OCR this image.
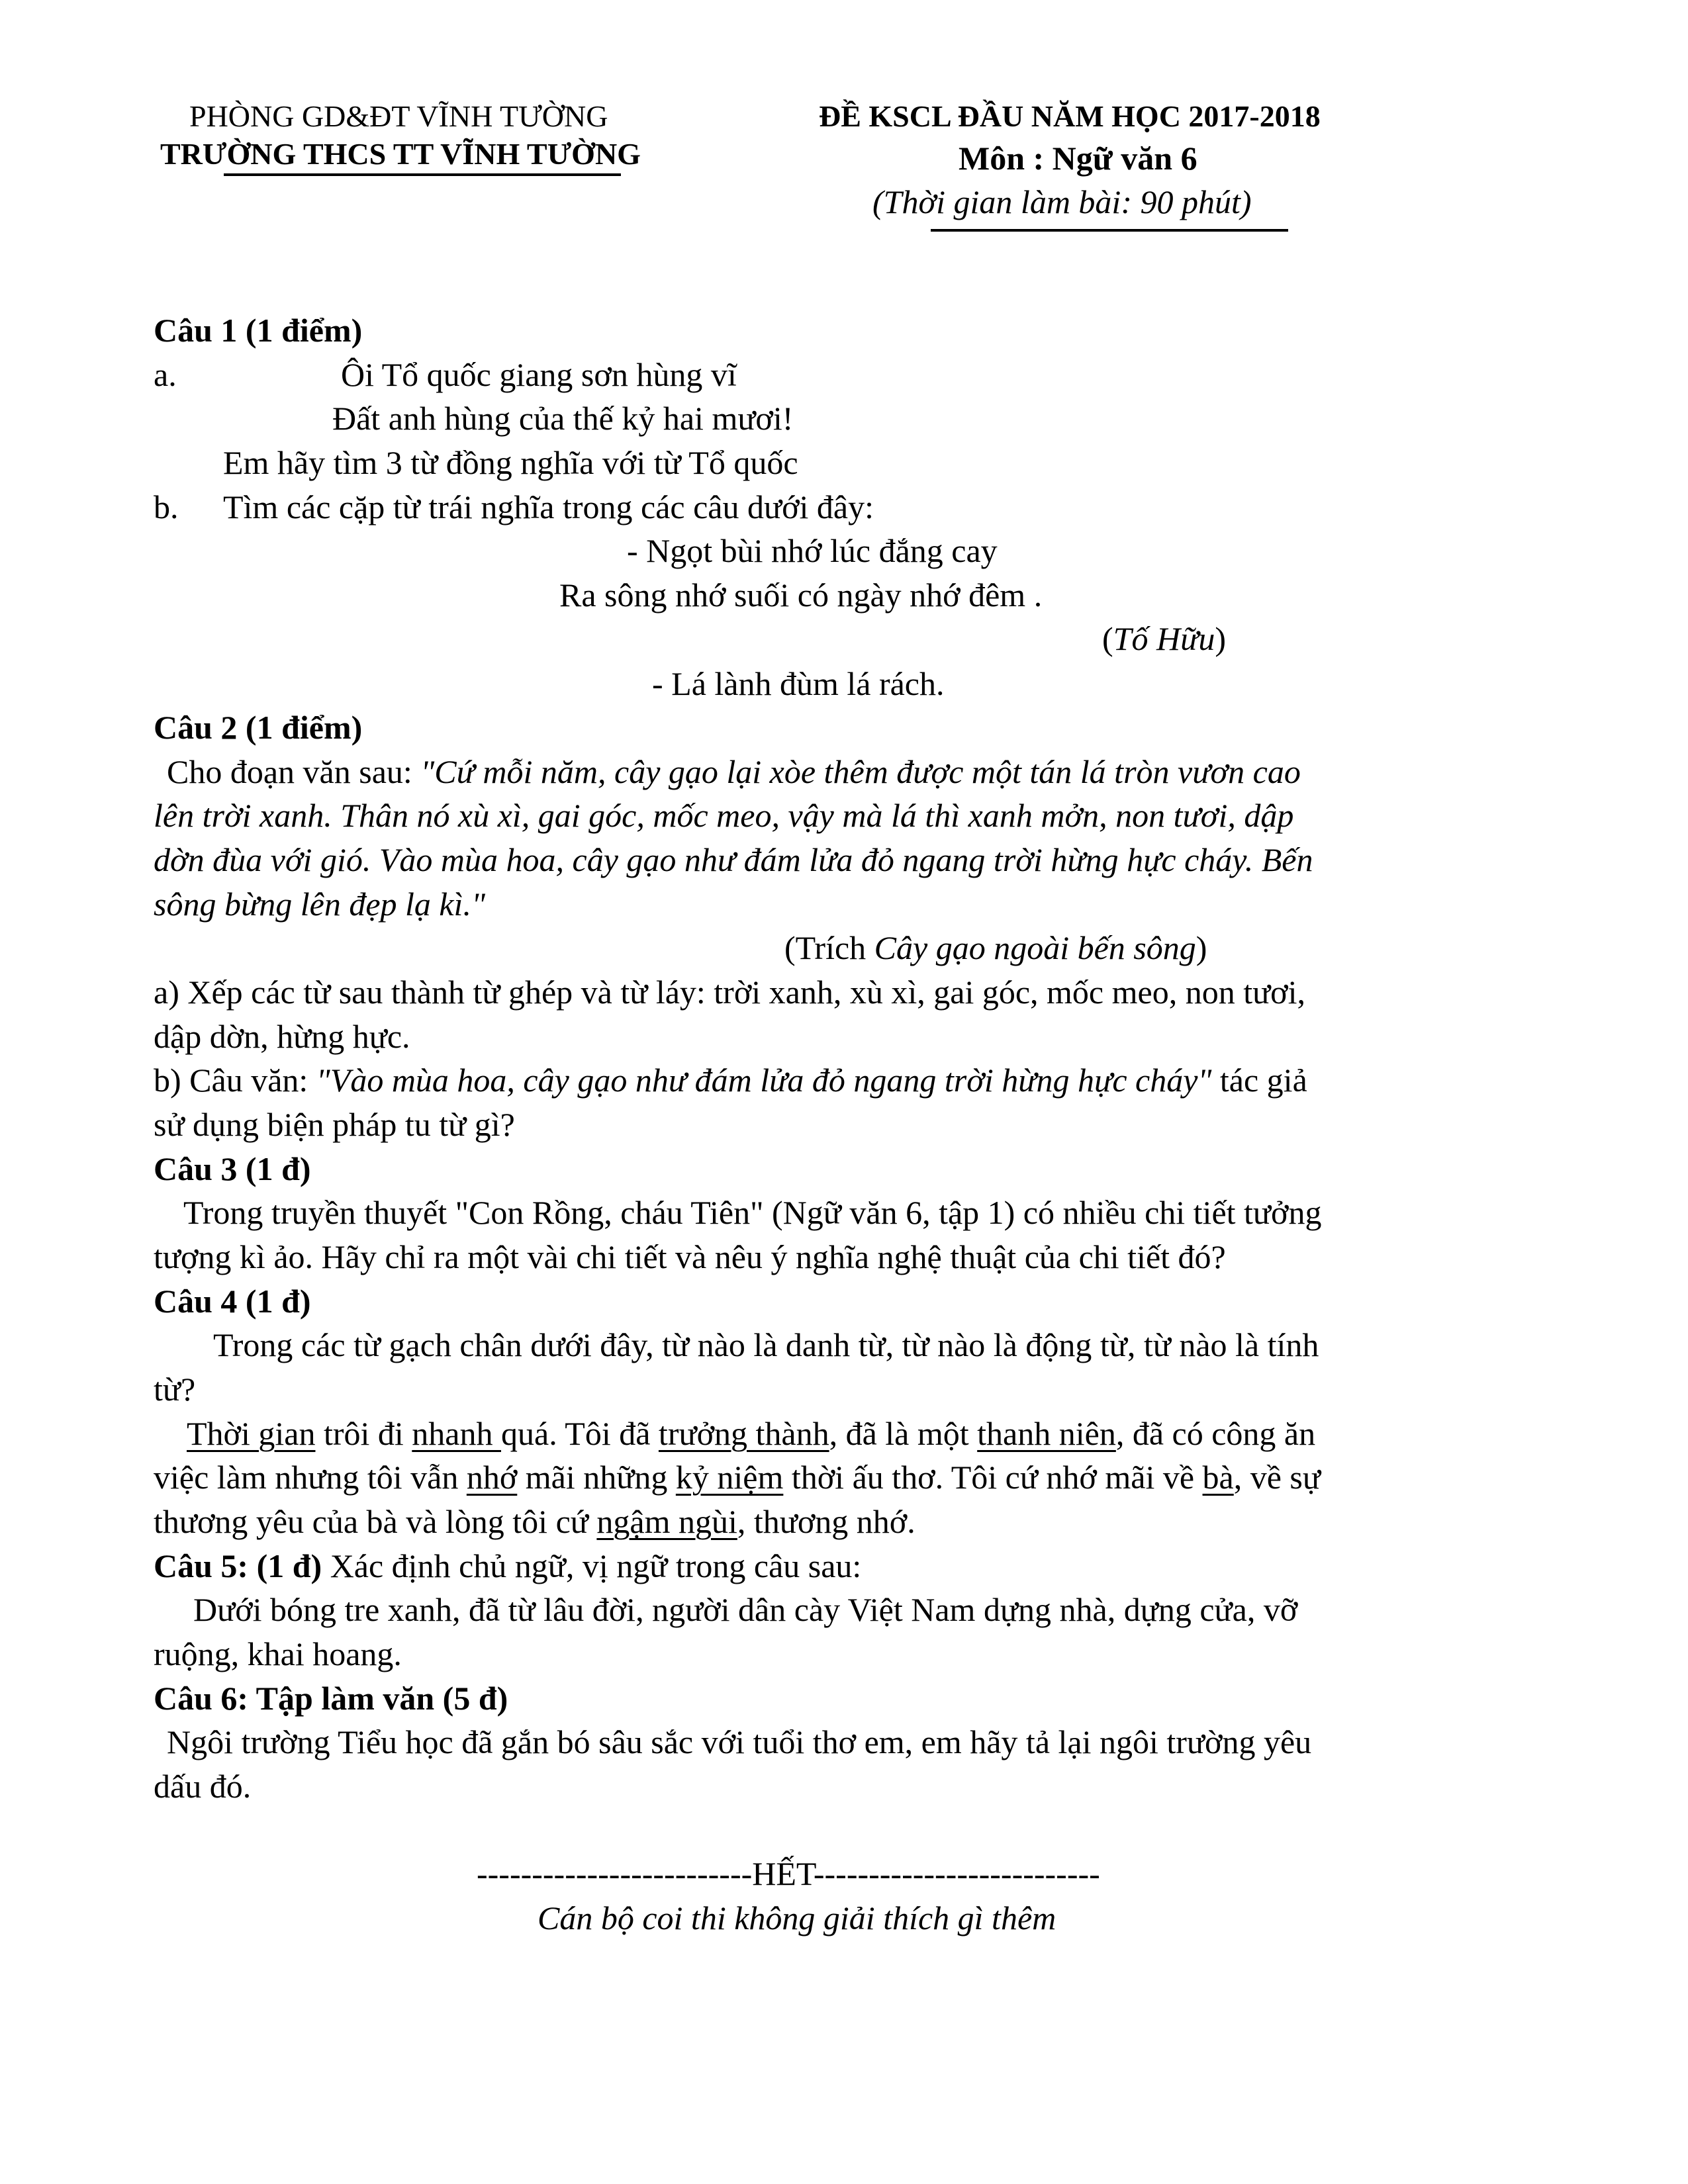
PHÒNG GD&ĐT VĨNH TƯỜNG
TRƯỜNG THCS TT VĨNH TƯỜNG
ĐỀ KSCL ĐẦU NĂM HỌC 2017-2018
Môn : Ngữ văn 6
(Thời gian làm bài: 90 phút)
Câu 1 (1 điểm)
a.	Ôi Tổ quốc giang sơn hùng vĩ
Đất anh hùng của thế kỷ hai mươi!
Em hãy tìm 3 từ đồng nghĩa với từ Tổ quốc
b. Tìm các cặp từ trái nghĩa trong các câu dưới đây:
- Ngọt bùi nhớ lúc đắng cay
Ra sông nhớ suối có ngày nhớ đêm .
(Tố Hữu)
- Lá lành đùm lá rách.
Câu 2 (1 điểm)
Cho đoạn văn sau: "Cứ mỗi năm, cây gạo lại xòe thêm được một tán lá tròn vươn cao
lên trời xanh. Thân nó xù xì, gai góc, mốc meo, vậy mà lá thì xanh mởn, non tươi, dập
dờn đùa với gió. Vào mùa hoa, cây gạo như đám lửa đỏ ngang trời hừng hực cháy. Bến
sông bừng lên đẹp lạ kì."
(Trích Cây gạo ngoài bến sông)
a) Xếp các từ sau thành từ ghép và từ láy: trời xanh, xù xì, gai góc, mốc meo, non tươi,
dập dờn, hừng hực.
b) Câu văn: "Vào mùa hoa, cây gạo như đám lửa đỏ ngang trời hừng hực cháy" tác giả
sử dụng biện pháp tu từ gì?
Câu 3 (1 đ)
Trong truyền thuyết "Con Rồng, cháu Tiên" (Ngữ văn 6, tập 1) có nhiều chi tiết tưởng
tượng kì ảo. Hãy chỉ ra một vài chi tiết và nêu ý nghĩa nghệ thuật của chi tiết đó?
Câu 4 (1 đ)
Trong các từ gạch chân dưới đây, từ nào là danh từ, từ nào là động từ, từ nào là tính
từ?
Thời gian trôi đi nhanh quá. Tôi đã trưởng thành, đã là một thanh niên, đã có công ăn
việc làm nhưng tôi vẫn nhớ mãi những kỷ niệm thời ấu thơ. Tôi cứ nhớ mãi về bà, về sự
thương yêu của bà và lòng tôi cứ ngậm ngùi, thương nhớ.
Câu 5: (1 đ) Xác định chủ ngữ, vị ngữ trong câu sau:
Dưới bóng tre xanh, đã từ lâu đời, người dân cày Việt Nam dựng nhà, dựng cửa, vỡ
ruộng, khai hoang.
Câu 6: Tập làm văn (5 đ)
Ngôi trường Tiểu học đã gắn bó sâu sắc với tuổi thơ em, em hãy tả lại ngôi trường yêu
dấu đó.
-------------------------HẾT--------------------------
Cán bộ coi thi không giải thích gì thêm
